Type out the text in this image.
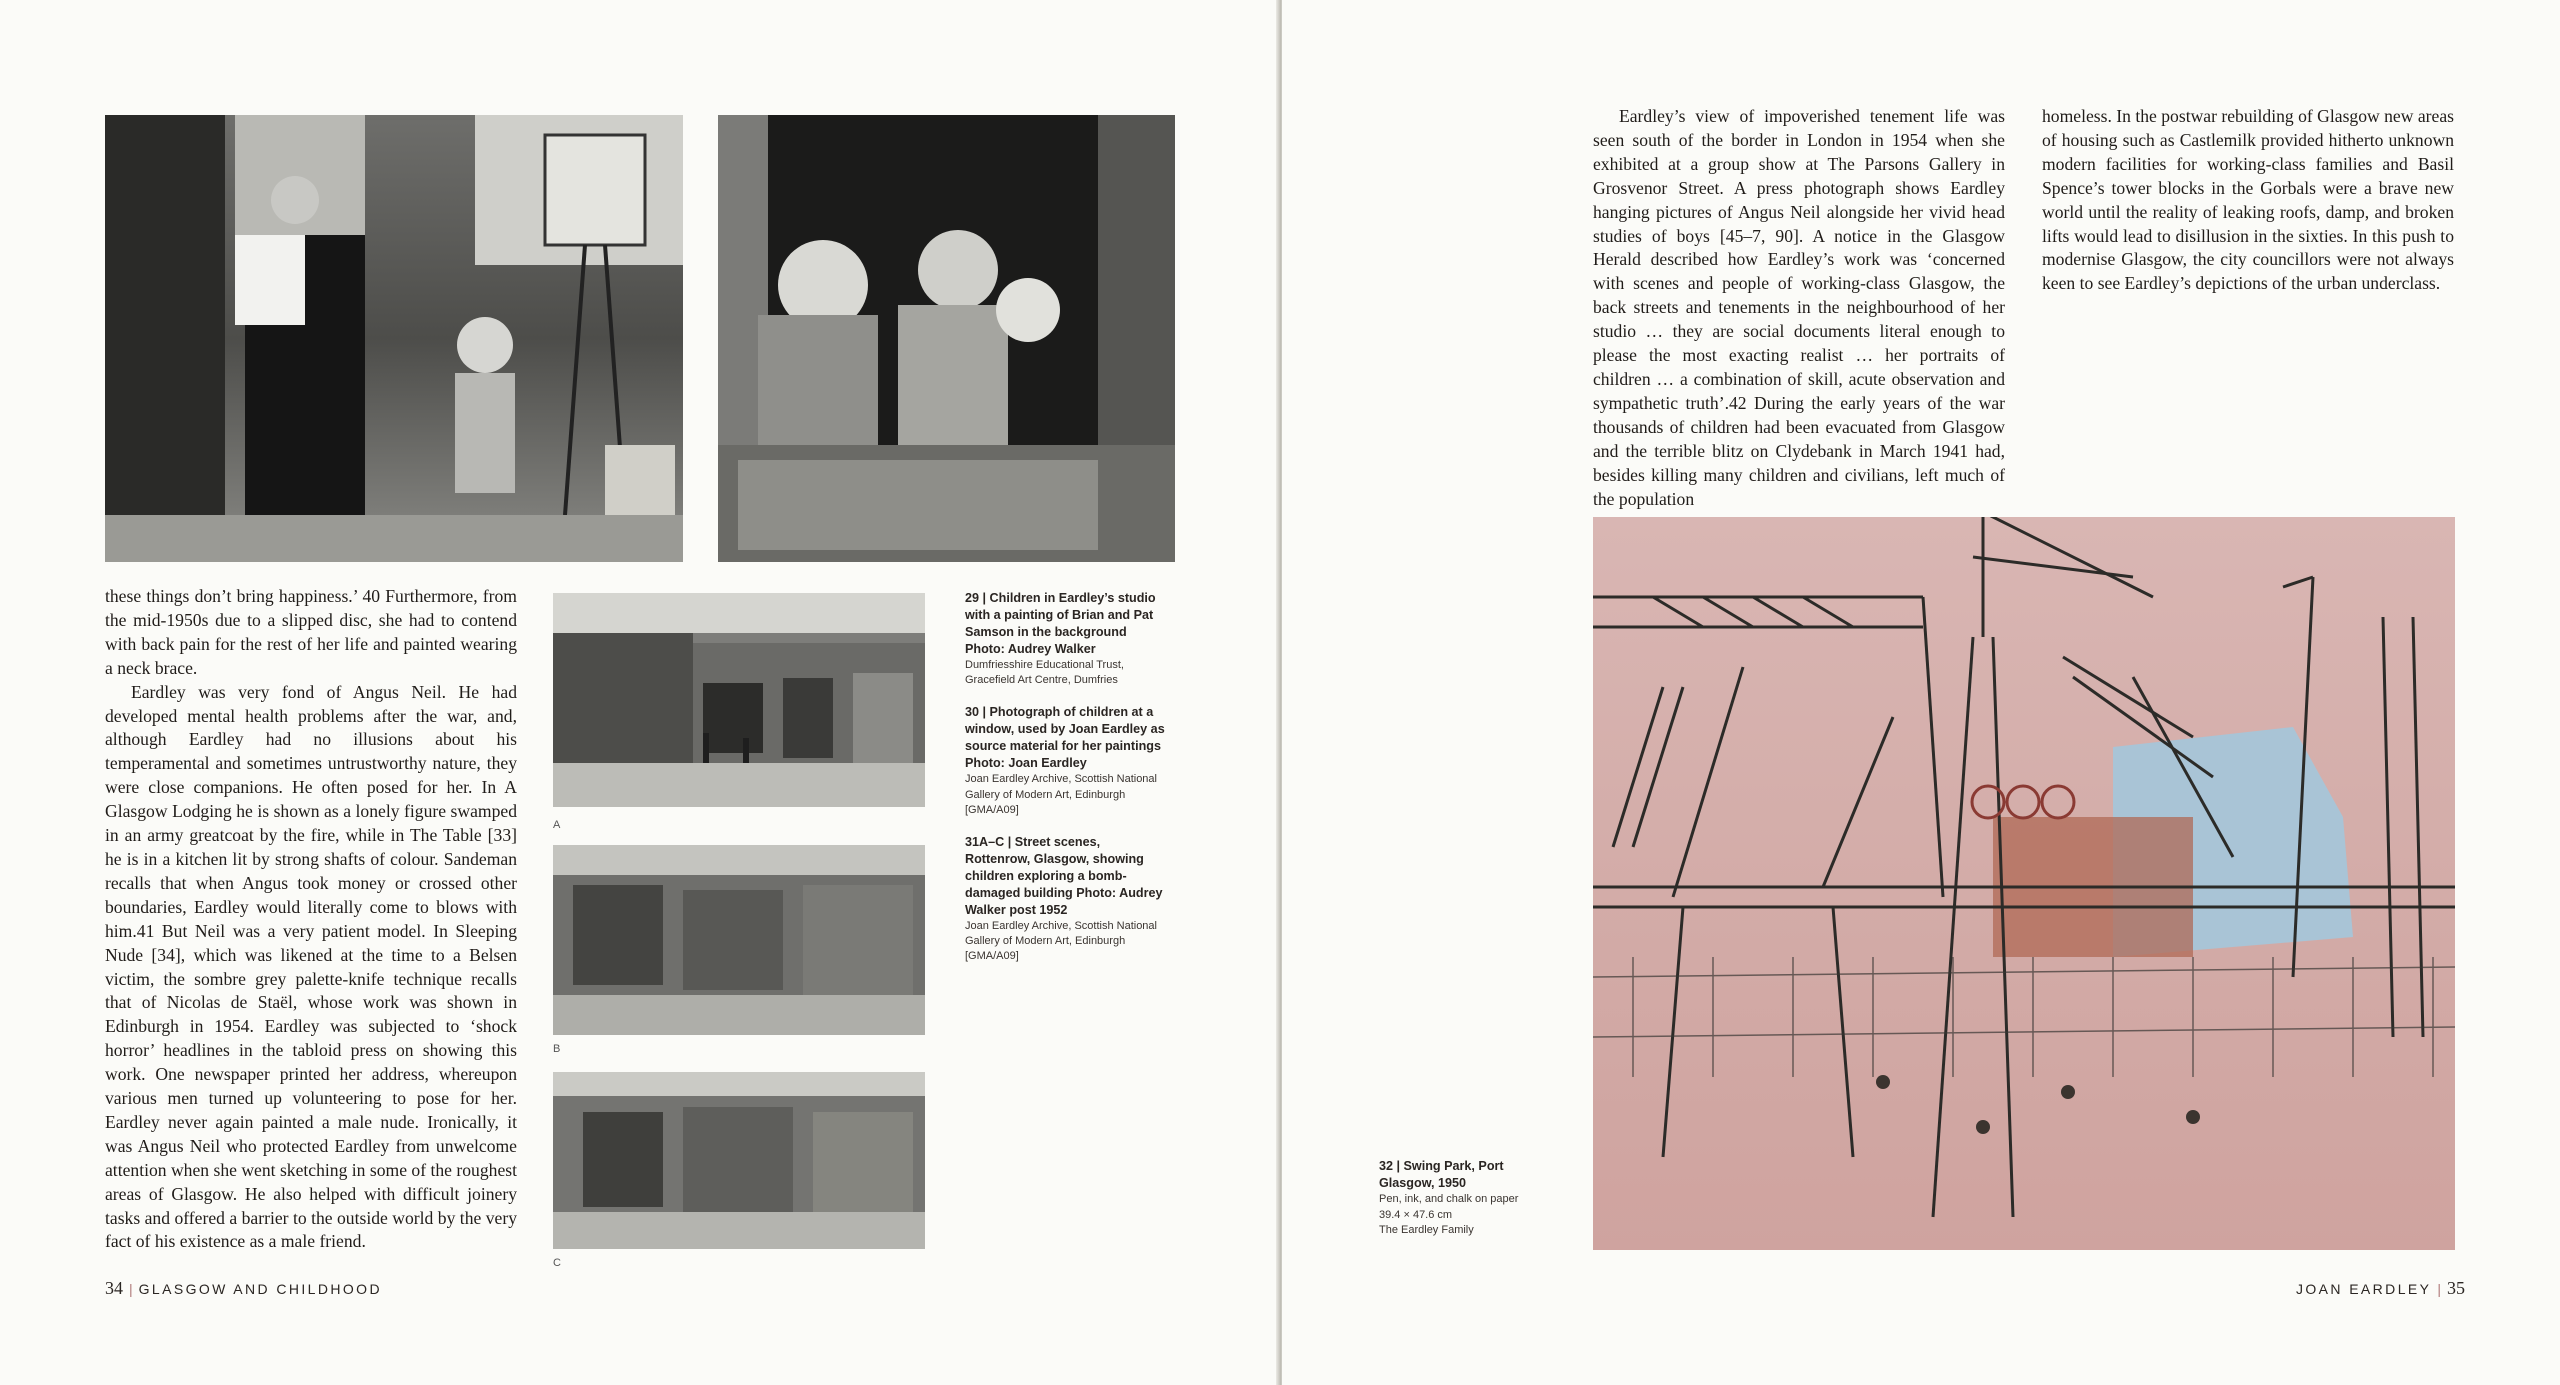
these things don’t bring happiness.’ 40 Furthermore, from the mid-1950s due to a slipped disc, she had to contend with back pain for the rest of her life and painted wearing a neck brace.

Eardley was very fond of Angus Neil. He had developed mental health problems after the war, and, although Eardley had no illusions about his temperamental and sometimes untrustworthy nature, they were close companions. He often posed for her. In A Glasgow Lodging he is shown as a lonely figure swamped in an army greatcoat by the fire, while in The Table [33] he is in a kitchen lit by strong shafts of colour. Sandeman recalls that when Angus took money or crossed other boundaries, Eardley would literally come to blows with him.41 But Neil was a very patient model. In Sleeping Nude [34], which was likened at the time to a Belsen victim, the sombre grey palette-knife technique recalls that of Nicolas de Staël, whose work was shown in Edinburgh in 1954. Eardley was subjected to ‘shock horror’ headlines in the tabloid press on showing this work. One newspaper printed her address, whereupon various men turned up volunteering to pose for her. Eardley never again painted a male nude. Ironically, it was Angus Neil who protected Eardley from unwelcome attention when she went sketching in some of the roughest areas of Glasgow. He also helped with difficult joinery tasks and offered a barrier to the outside world by the very fact of his existence as a male friend.

A
B
C
29 | Children in Eardley’s studio with a painting of Brian and Pat Samson in the background Photo: Audrey Walker
Dumfriesshire Educational Trust, Gracefield Art Centre, Dumfries
30 | Photograph of children at a window, used by Joan Eardley as source material for her paintings Photo: Joan Eardley
Joan Eardley Archive, Scottish National Gallery of Modern Art, Edinburgh [GMA/A09]
31A–C | Street scenes, Rottenrow, Glasgow, showing children exploring a bomb-damaged building Photo: Audrey Walker post 1952
Joan Eardley Archive, Scottish National Gallery of Modern Art, Edinburgh [GMA/A09]
34 | GLASGOW AND CHILDHOOD

Eardley’s view of impoverished tenement life was seen south of the border in London in 1954 when she exhibited at a group show at The Parsons Gallery in Grosvenor Street. A press photograph shows Eardley hanging pictures of Angus Neil alongside her vivid head studies of boys [45–7, 90]. A notice in the Glasgow Herald described how Eardley’s work was ‘concerned with scenes and people of working-class Glasgow, the back streets and tenements in the neighbourhood of her studio … they are social documents literal enough to please the most exacting realist … her portraits of children … a combination of skill, acute observation and sympathetic truth’.42 During the early years of the war thousands of children had been evacuated from Glasgow and the terrible blitz on Clydebank in March 1941 had, besides killing many children and civilians, left much of the population

homeless. In the postwar rebuilding of Glasgow new areas of housing such as Castlemilk provided hitherto unknown modern facilities for working-class families and Basil Spence’s tower blocks in the Gorbals were a brave new world until the reality of leaking roofs, damp, and broken lifts would lead to disillusion in the sixties. In this push to modernise Glasgow, the city councillors were not always keen to see Eardley’s depictions of the urban underclass.

32 | Swing Park, Port Glasgow, 1950
Pen, ink, and chalk on paper
39.4 × 47.6 cm
The Eardley Family
JOAN EARDLEY | 35
